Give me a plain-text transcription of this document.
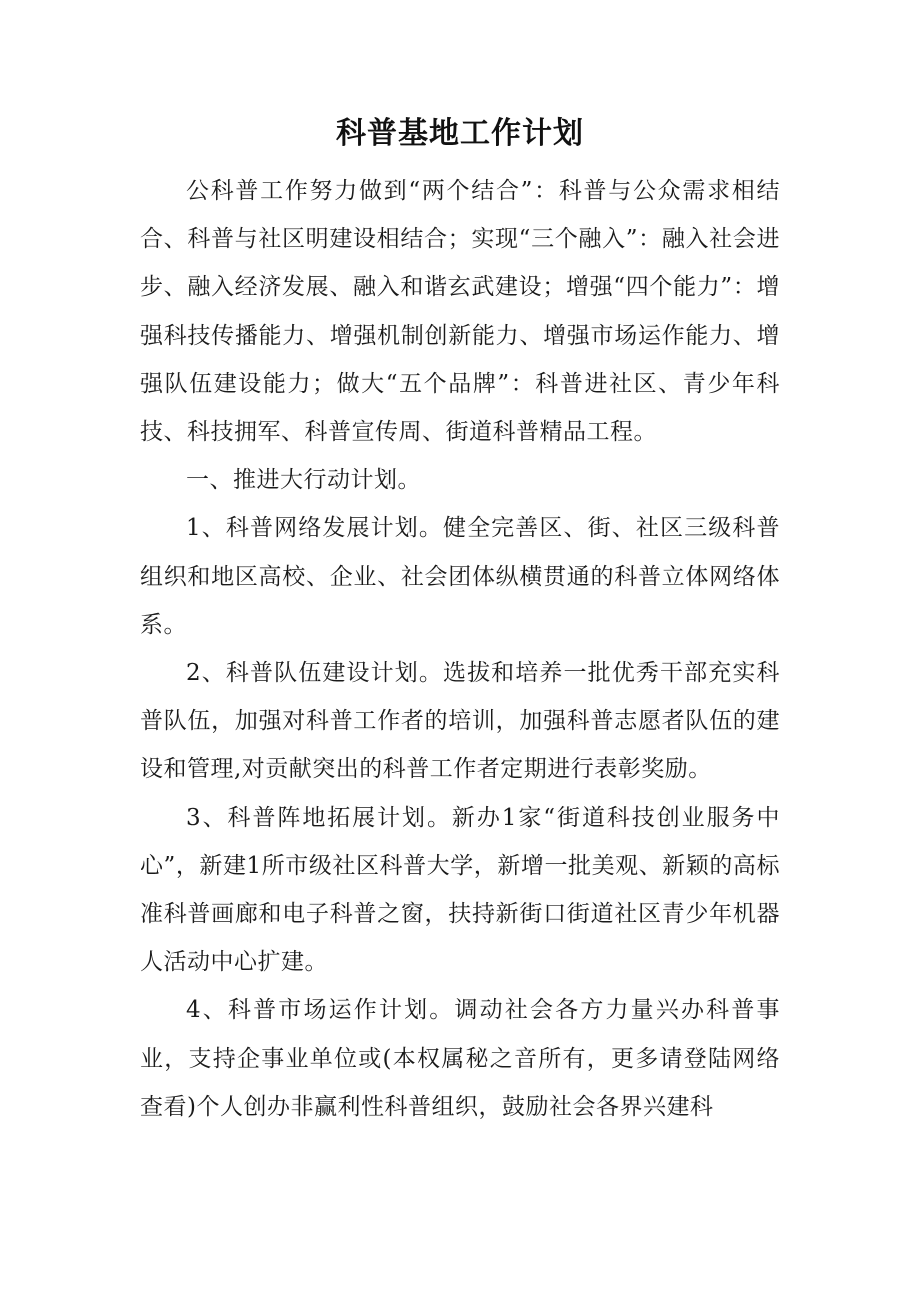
科普基地工作计划

公科普工作努力做到“两个结合”：科普与公众需求相结合、科普与社区明建设相结合；实现“三个融入”：融入社会进步、融入经济发展、融入和谐玄武建设；增强“四个能力”：增强科技传播能力、增强机制创新能力、增强市场运作能力、增强队伍建设能力；做大“五个品牌”：科普进社区、青少年科技、科技拥军、科普宣传周、街道科普精品工程。

一、推进大行动计划。

1、科普网络发展计划。健全完善区、街、社区三级科普组织和地区高校、企业、社会团体纵横贯通的科普立体网络体系。

2、科普队伍建设计划。选拔和培养一批优秀干部充实科普队伍，加强对科普工作者的培训，加强科普志愿者队伍的建设和管理,对贡献突出的科普工作者定期进行表彰奖励。

3、科普阵地拓展计划。新办1家“街道科技创业服务中心”，新建1所市级社区科普大学，新增一批美观、新颖的高标准科普画廊和电子科普之窗，扶持新街口街道社区青少年机器人活动中心扩建。

4、科普市场运作计划。调动社会各方力量兴办科普事业，支持企事业单位或(本权属秘之音所有，更多请登陆网络查看)个人创办非赢利性科普组织，鼓励社会各界兴建科
